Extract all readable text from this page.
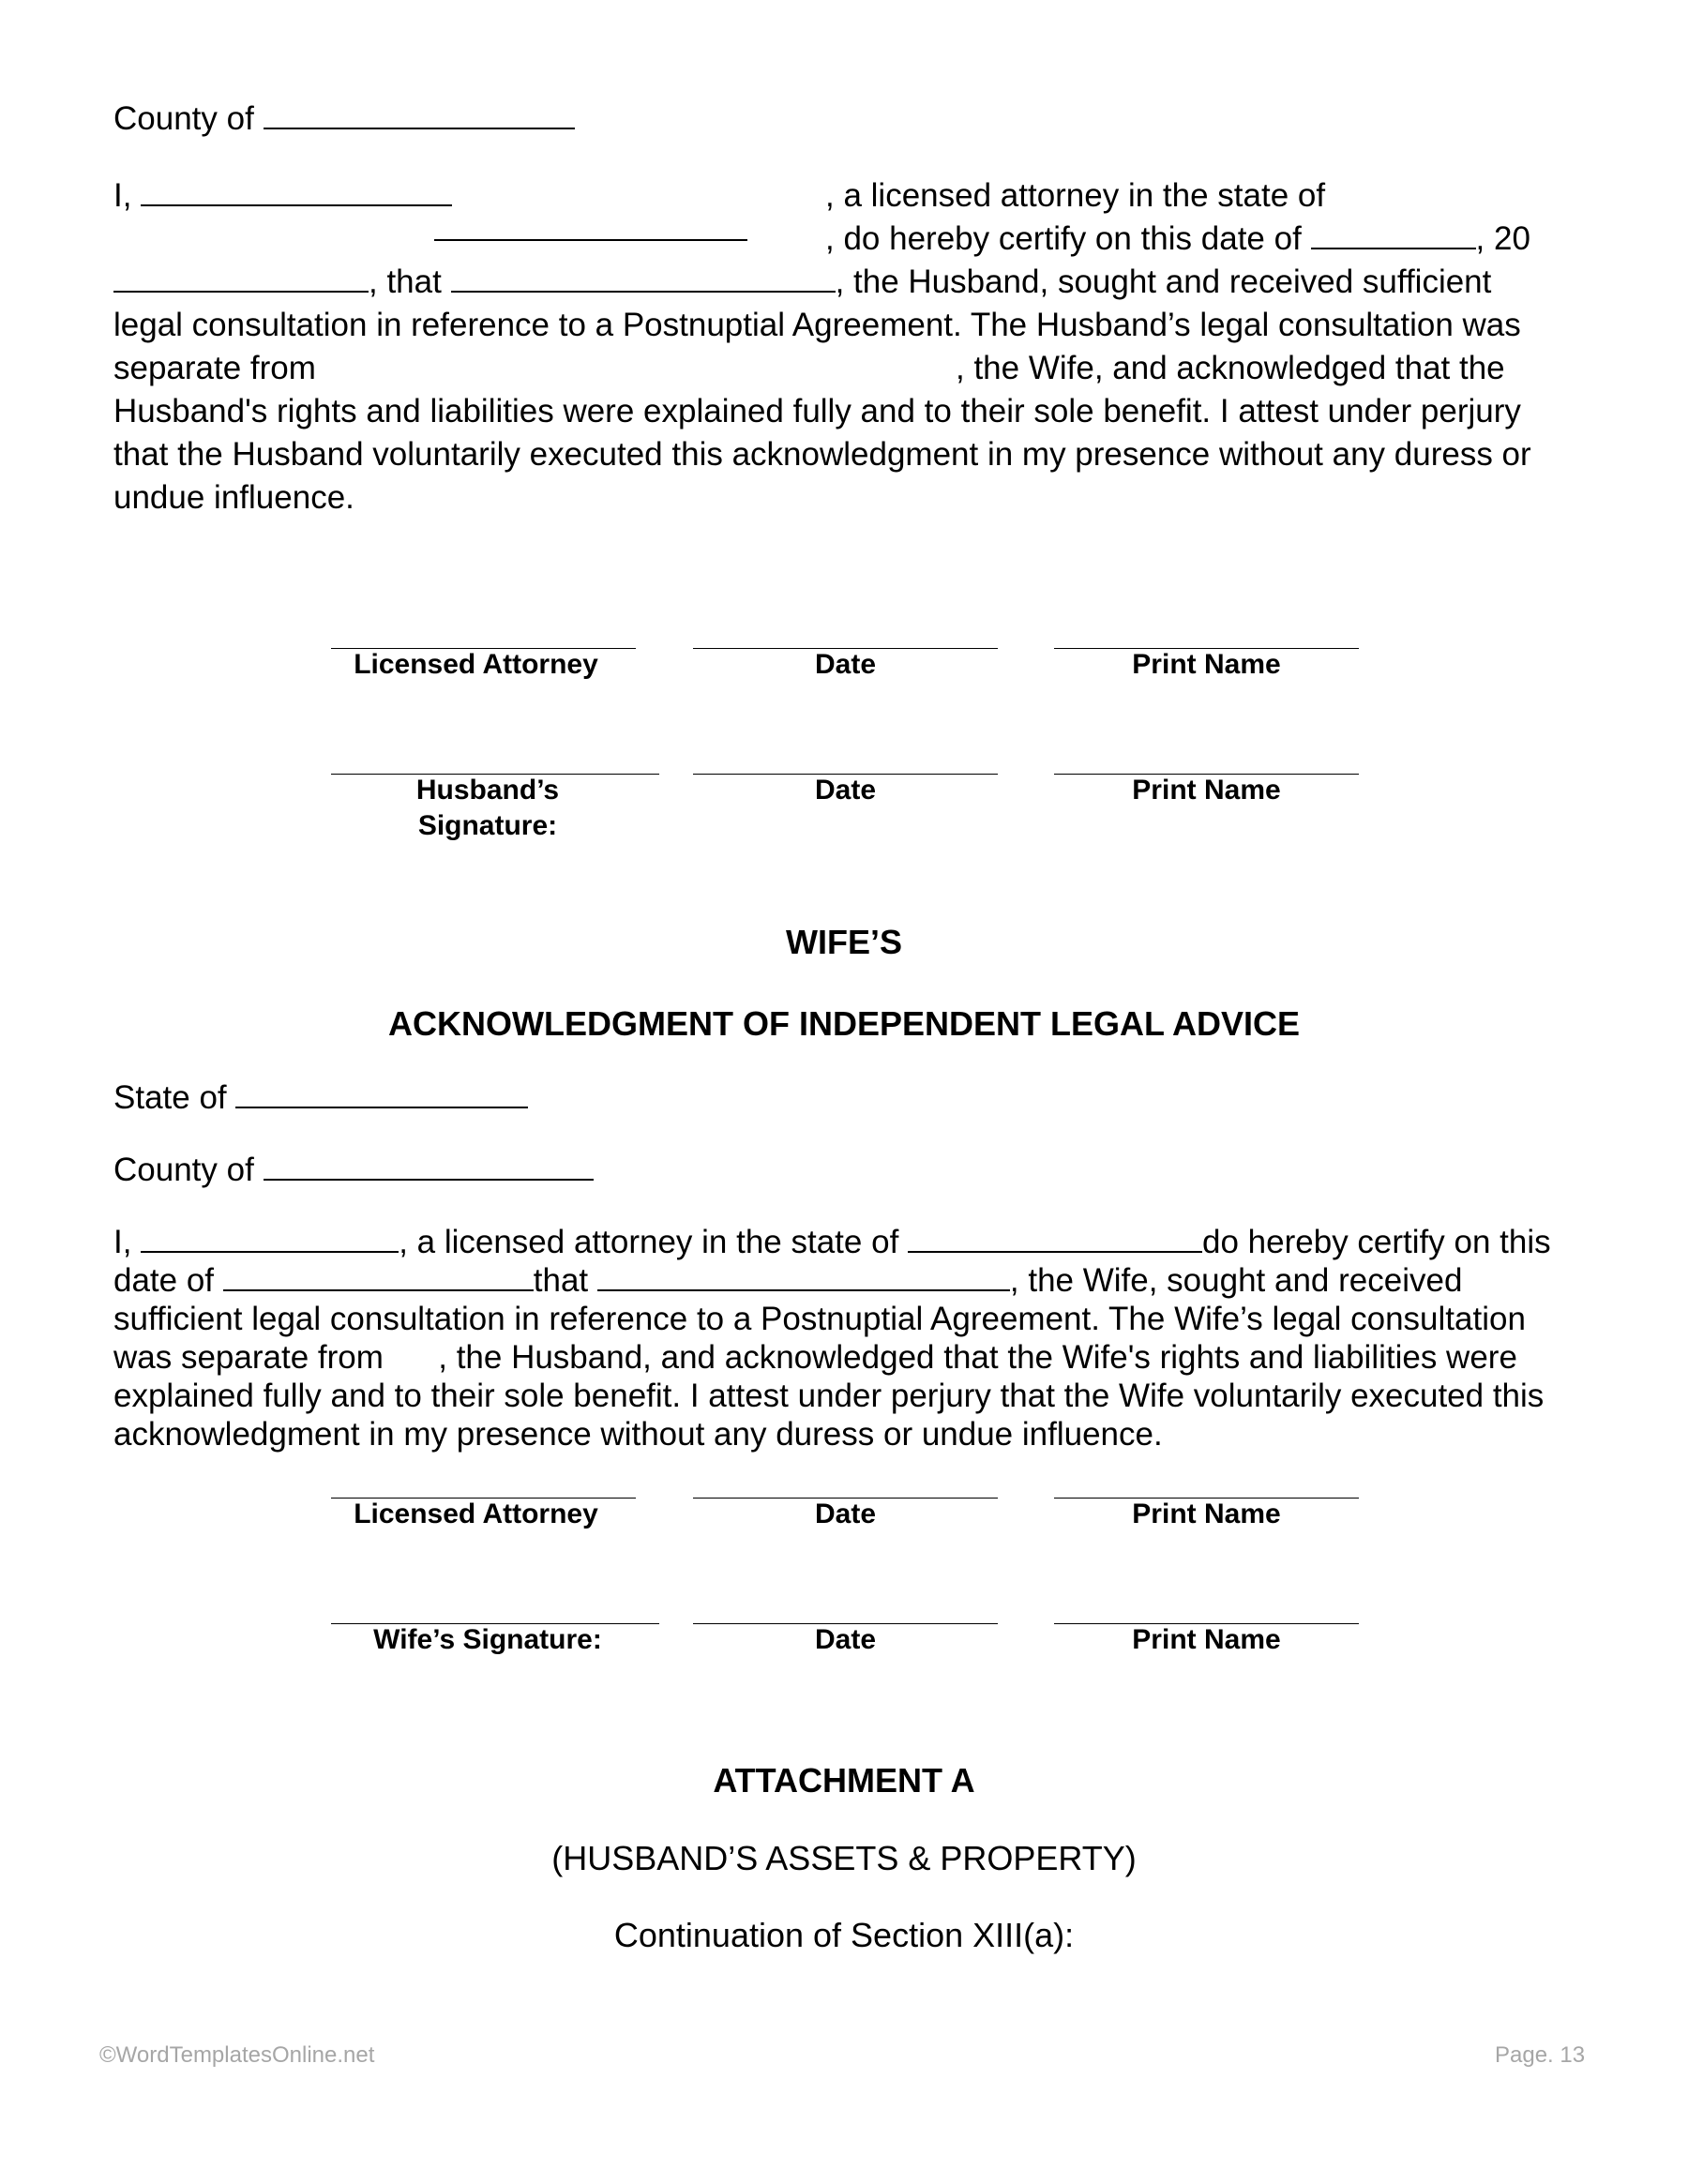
County of
I,	, a licensed attorney in the state of
, do hereby certify on this date of	, 20
, that	, the Husband, sought and received sufficient
legal consultation in reference to a Postnuptial Agreement. The Husband’s legal consultation was
separate from	, the Wife, and acknowledged that the
Husband's rights and liabilities were explained fully and to their sole benefit. I attest under perjury
that the Husband voluntarily executed this acknowledgment in my presence without any duress or
undue influence.
Licensed Attorney	Date	Print Name
Husband’s
Signature:
Date	Print Name
WIFE’S
ACKNOWLEDGMENT OF INDEPENDENT LEGAL ADVICE
State of
County of
I,	, a licensed attorney in the state of	do hereby certify on this
date of	that	, the Wife, sought and received
sufficient legal consultation in reference to a Postnuptial Agreement. The Wife’s legal consultation
was separate from      , the Husband, and acknowledged that the Wife's rights and liabilities were
explained fully and to their sole benefit. I attest under perjury that the Wife voluntarily executed this
acknowledgment in my presence without any duress or undue influence.
Licensed Attorney	Date	Print Name
Wife’s Signature:	Date	Print Name
ATTACHMENT A
(HUSBAND’S ASSETS & PROPERTY)
Continuation of Section XIII(a):
©WordTemplatesOnline.net	Page. 13
